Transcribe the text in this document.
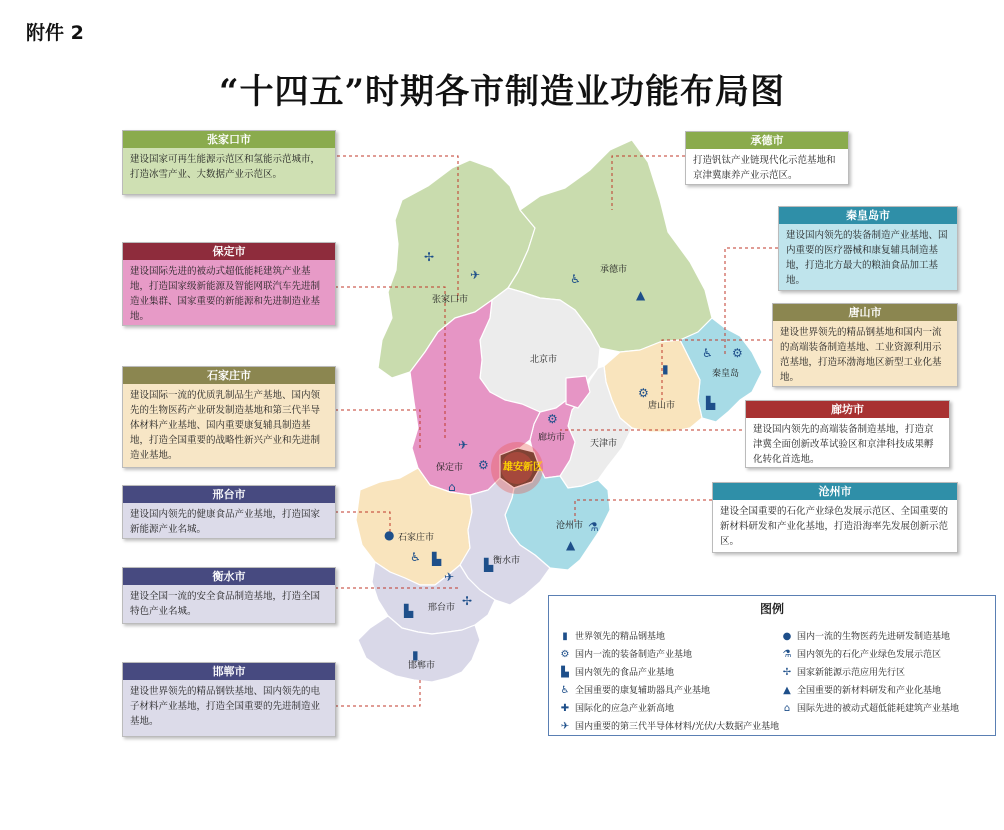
附件 2
“十四五”时期各市制造业功能布局图
张家口市
承德市
北京市
秦皇岛
唐山市
廊坊市
天津市
保定市	雄安新区
沧州市
石家庄市
衡水市
邢台市
邯郸市
✢
✈	♿
▲
♿ ⚙
▮
⚙
▙
⚙
✈
⚙
⌂
⚗
▲
●
♿ ▙	▙
✈
✢
▙
▮
张家口市
建设国家可再生能源示范区和氢能示范城市，打造冰雪产业、大数据产业示范区。
保定市
建设国际先进的被动式超低能耗建筑产业基地，打造国家级新能源及智能网联汽车先进制造业集群、国家重要的新能源和先进制造业基地。
石家庄市
建设国际一流的优质乳制品生产基地、国内领先的生物医药产业研发制造基地和第三代半导体材料产业基地、国内重要康复辅具制造基地，打造全国重要的战略性新兴产业和先进制造业基地。
邢台市
建设国内领先的健康食品产业基地，打造国家新能源产业名城。
衡水市
建设全国一流的安全食品制造基地，打造全国特色产业名城。
邯郸市
建设世界领先的精品钢铁基地、国内领先的电子材料产业基地，打造全国重要的先进制造业基地。
承德市
打造钒钛产业链现代化示范基地和京津冀康养产业示范区。
秦皇岛市
建设国内领先的装备制造产业基地、国内重要的医疗器械和康复辅具制造基地，打造北方最大的粮油食品加工基地。
唐山市
建设世界领先的精品钢基地和国内一流的高端装备制造基地、工业资源利用示范基地，打造环渤海地区新型工业化基地。
廊坊市
建设国内领先的高端装备制造基地，打造京津冀全面创新改革试验区和京津科技成果孵化转化首选地。
沧州市
建设全国重要的石化产业绿色发展示范区、全国重要的新材料研发和产业化基地，打造沿海率先发展创新示范区。
图例
▮ 世界领先的精品钢基地	● 国内一流的生物医药先进研发制造基地
⚙ 国内一流的装备制造产业基地	⚗ 国内领先的石化产业绿色发展示范区
▙ 国内领先的食品产业基地	✢ 国家新能源示范应用先行区
♿ 全国重要的康复辅助器具产业基地	▲ 全国重要的新材料研发和产业化基地
✚ 国际化的应急产业新高地	⌂ 国际先进的被动式超低能耗建筑产业基地
✈ 国内重要的第三代半导体材料/光伏/大数据产业基地
